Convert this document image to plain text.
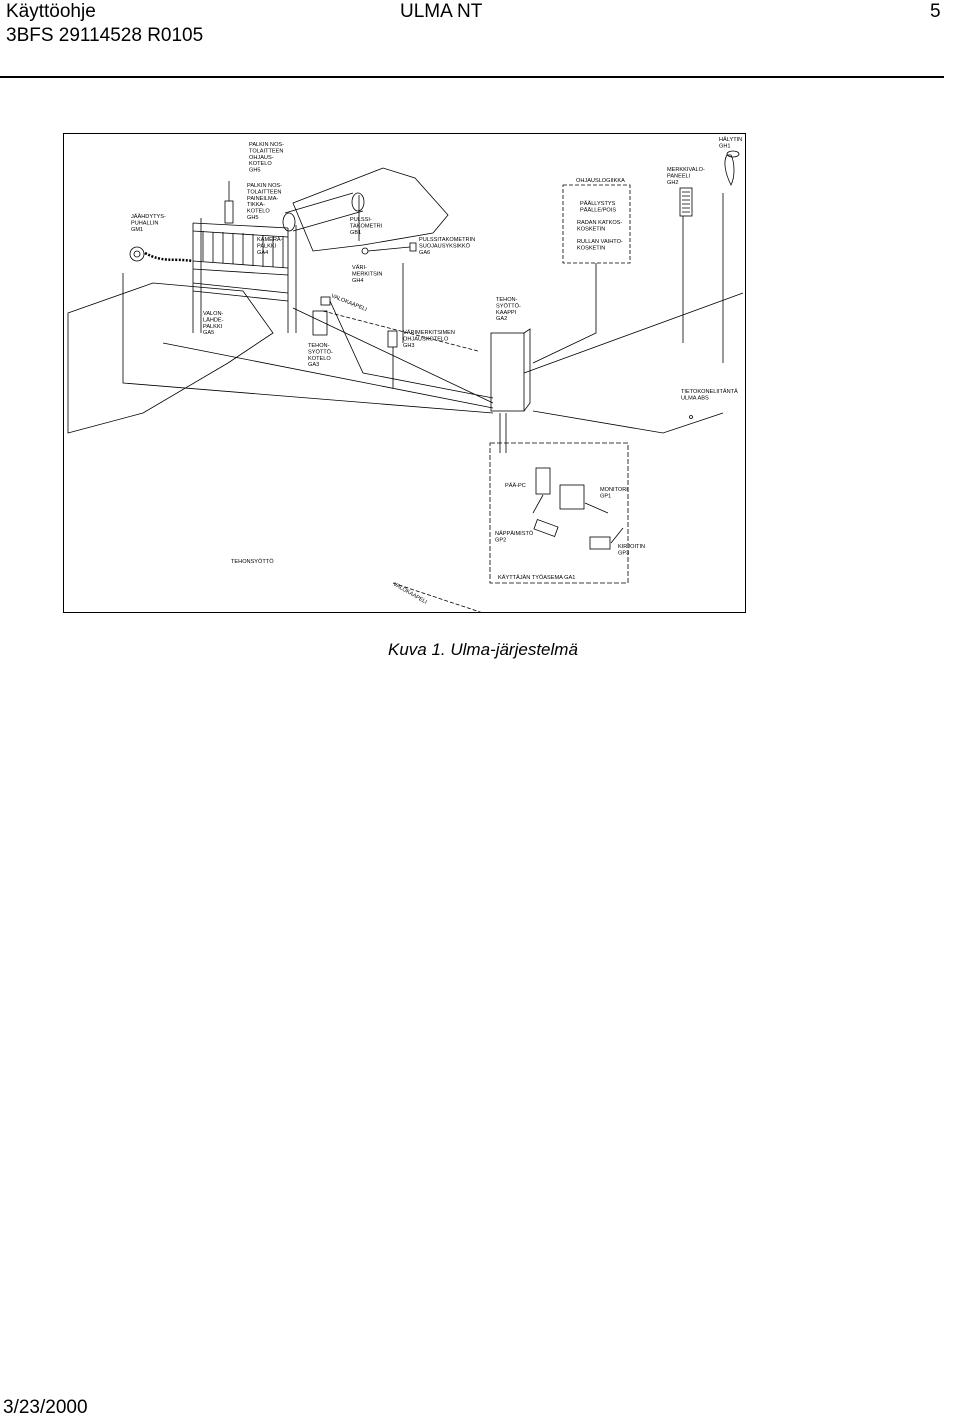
Käyttöohje	ULMA NT	5
3BFS 29114528 R0105
JÄÄHDYTYS-PUHALLIN GM1
PALKIN NOS-TOLAITTEEN OHJAUS-KOTELO GH5
PALKIN NOS-TOLAITTEEN PAINEILMA-TIKKA-KOTELO GH5
KAMERA-PALKKI GA4
PULSSI-TAKOMETRI GB1
PULSSITAKOMETRIN SUOJAUSYKSIKKÖ GA6
OHJAUSLOGIIKKA
PÄÄLLYSTYS PÄÄLLE/POIS
RADAN KATKOS-KOSKETIN
RULLAN VAIHTO-KOSKETIN
MERKKIVALO-PANEELI GH2
HÄLYTIN GH1
VÄRI-MERKITSIN GH4
VALON-LÄHDE-PALKKI GA5
VALOKAAPELI
TEHON-SYÖTTÖ-KOTELO GA3
VÄRIMERKITSIMEN OHJAUSKOTELO GH3
TEHON-SYÖTTÖ-KAAPPI GA2
TIETOKONELIITÄNTÄ ULMA ABS
PÄÄ-PC
MONITORI GP1
NÄPPÄIMISTÖ GP2
KIRJOITIN GP3
TEHONSYÖTTÖ
KÄYTTÄJÄN TYÖASEMA GA1
VALOKAAPELI
Kuva 1. Ulma-järjestelmä
3/23/2000
